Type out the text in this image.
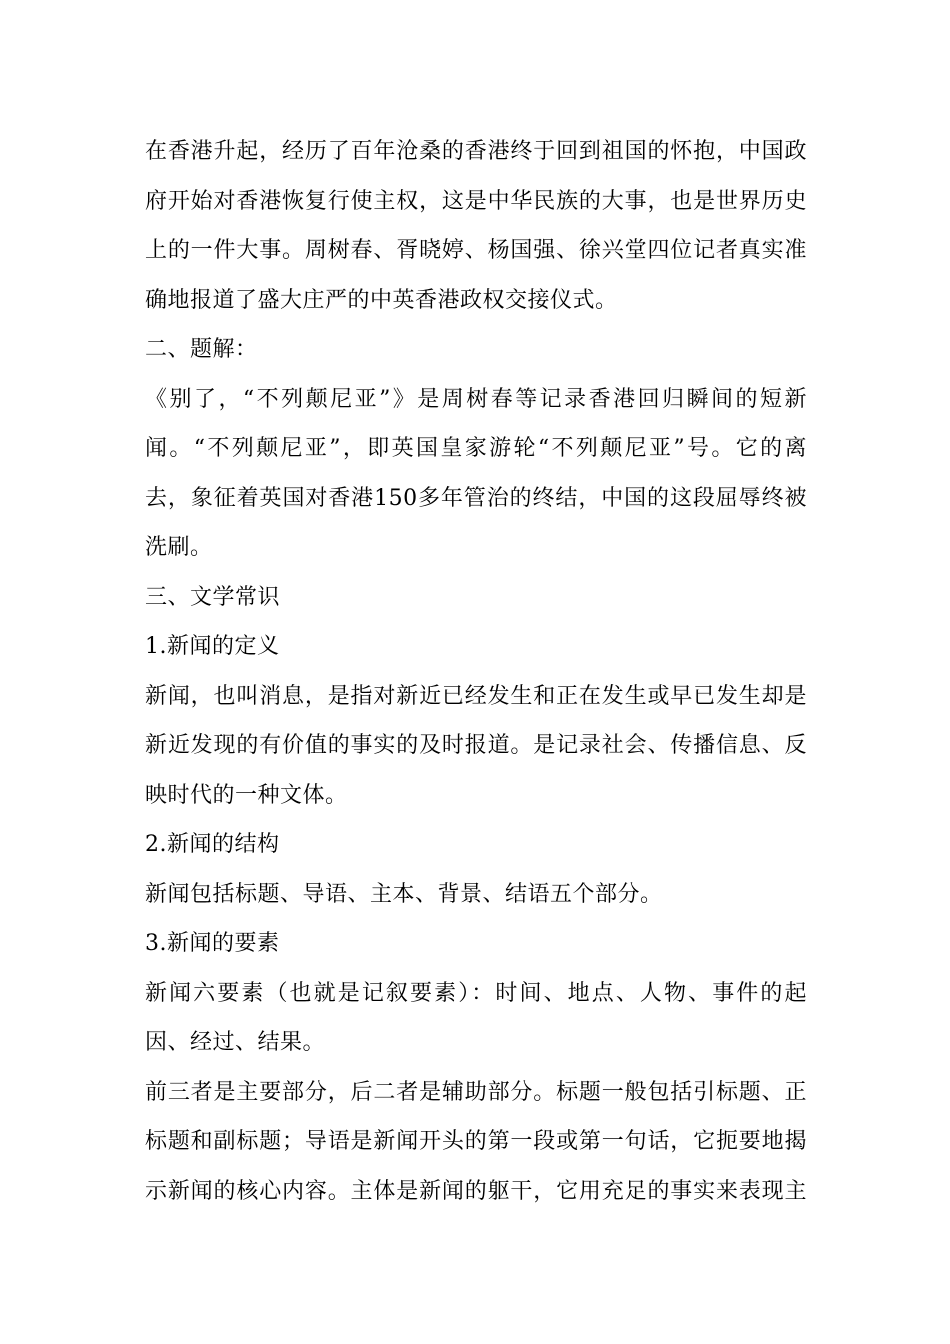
在香港升起，经历了百年沧桑的香港终于回到祖国的怀抱，中国政
府开始对香港恢复行使主权，这是中华民族的大事，也是世界历史
上的一件大事。周树春、胥晓婷、杨国强、徐兴堂四位记者真实准
确地报道了盛大庄严的中英香港政权交接仪式。
二、题解：
《别了，“不列颠尼亚”》是周树春等记录香港回归瞬间的短新
闻。“不列颠尼亚”，即英国皇家游轮“不列颠尼亚”号。它的离
去，象征着英国对香港150多年管治的终结，中国的这段屈辱终被
洗刷。
三、文学常识
1.新闻的定义
新闻，也叫消息，是指对新近已经发生和正在发生或早已发生却是
新近发现的有价值的事实的及时报道。是记录社会、传播信息、反
映时代的一种文体。
2.新闻的结构
新闻包括标题、导语、主本、背景、结语五个部分。
3.新闻的要素
新闻六要素（也就是记叙要素）：时间、地点、人物、事件的起
因、经过、结果。
前三者是主要部分，后二者是辅助部分。标题一般包括引标题、正
标题和副标题；导语是新闻开头的第一段或第一句话，它扼要地揭
示新闻的核心内容。主体是新闻的躯干，它用充足的事实来表现主
